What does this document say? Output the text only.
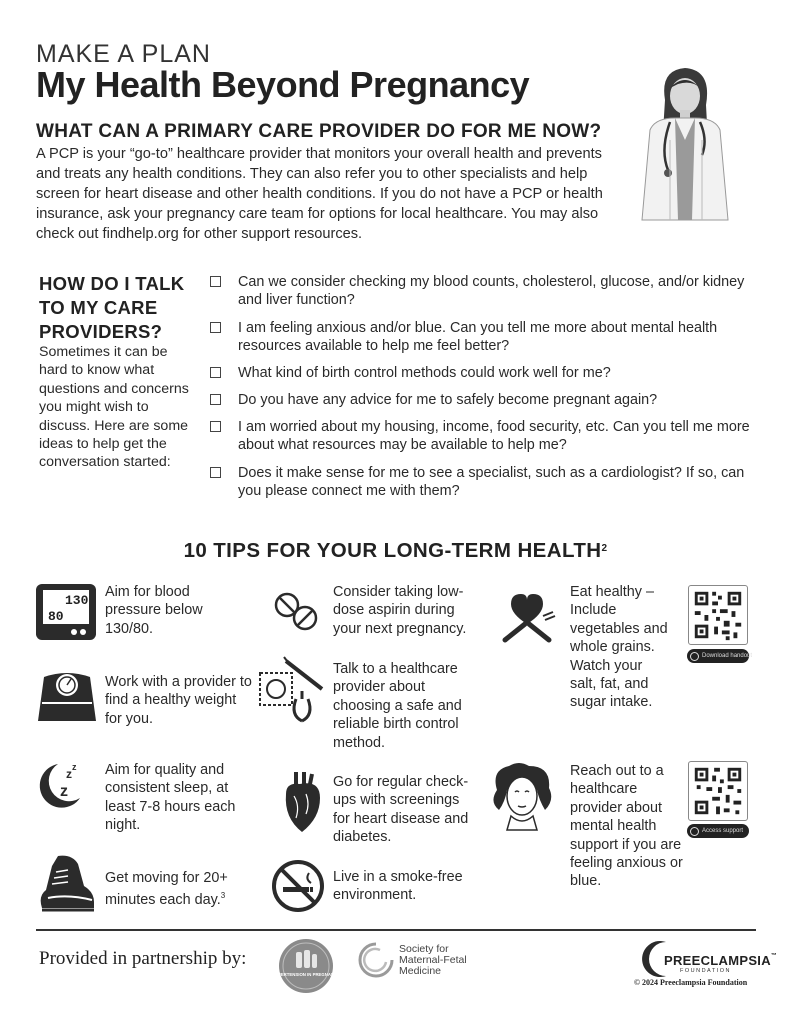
MAKE A PLAN
My Health Beyond Pregnancy
WHAT CAN A PRIMARY CARE PROVIDER DO FOR ME NOW?
A PCP is your “go-to” healthcare provider that monitors your overall health and prevents and treats any health conditions. They can also refer you to other specialists and help screen for heart disease and other health conditions. If you do not have a PCP or health insurance, ask your pregnancy care team for options for local healthcare. You may also check out findhelp.org for other support resources.
HOW DO I TALK TO MY CARE PROVIDERS?
Sometimes it can be hard to know what questions and concerns you might wish to discuss. Here are some ideas to help get the conversation started:
Can we consider checking my blood counts, cholesterol, glucose, and/or kidney and liver function?
I am feeling anxious and/or blue. Can you tell me more about mental health resources available to help me feel better?
What kind of birth control methods could work well for me?
Do you have any advice for me to safely become pregnant again?
I am worried about my housing, income, food security, etc. Can you tell me more about what resources may be available to help me?
Does it make sense for me to see a specialist, such as a cardiologist? If so, can you please connect me with them?
10 TIPS FOR YOUR LONG-TERM HEALTH$^2$
130
80
Aim for blood pressure below 130/80.
Work with a provider to find a healthy weight for you.
z z
z
Aim for quality and consistent sleep, at least 7-8 hours each night.
Get moving for 20+ minutes each day.$^3$
Consider taking low-dose aspirin during your next pregnancy.
Talk to a healthcare provider about choosing a safe and reliable birth control method.
Go for regular check-ups with screenings for heart disease and diabetes.
Live in a smoke-free environment.
Eat healthy – Include vegetables and whole grains. Watch your salt, fat, and sugar intake.
Reach out to a healthcare provider about mental health support if you are feeling anxious or blue.
Download handout
Access support
Provided in partnership by:
HYPERTENSION IN PREGNANCY
Society for
Maternal-Fetal
Medicine
PREECLAMPSIA™
FOUNDATION
© 2024 Preeclampsia Foundation
